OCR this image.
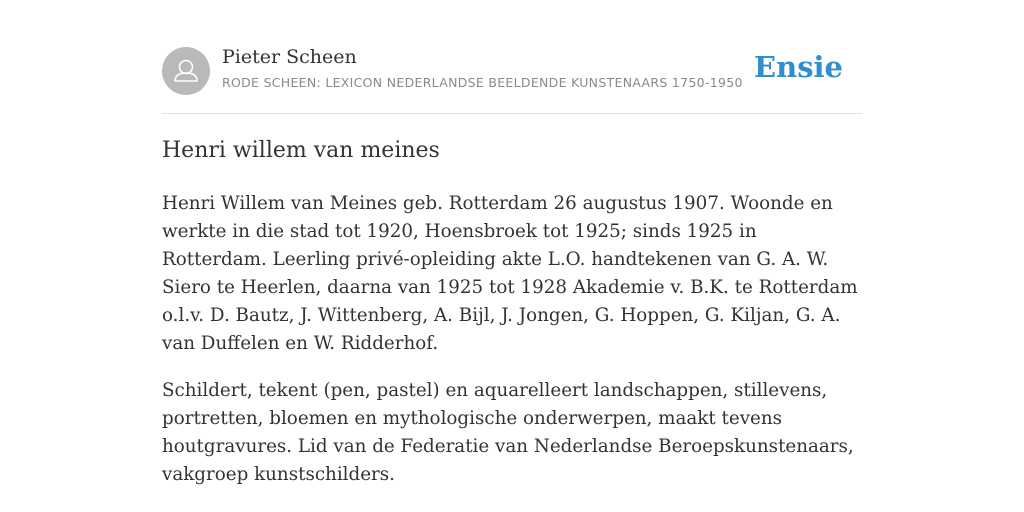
Pieter Scheen
RODE SCHEEN: LEXICON NEDERLANDSE BEELDENDE KUNSTENAARS 1750-1950 Ensie
Henri willem van meines

Henri Willem van Meines geb. Rotterdam 26 augustus 1907. Woonde en werkte in die stad tot 1920, Hoensbroek tot 1925; sinds 1925 in Rotterdam. Leerling privé-opleiding akte L.O. handtekenen van G. A. W. Siero te Heerlen, daarna van 1925 tot 1928 Akademie v. B.K. te Rotterdam o.l.v. D. Bautz, J. Wittenberg, A. Bijl, J. Jongen, G. Hoppen, G. Kiljan, G. A. van Duffelen en W. Ridderhof.

Schildert, tekent (pen, pastel) en aquarelleert landschappen, stillevens, portretten, bloemen en mythologische onderwerpen, maakt tevens houtgravures. Lid van de Federatie van Nederlandse Beroepskunstenaars, vakgroep kunstschilders.
